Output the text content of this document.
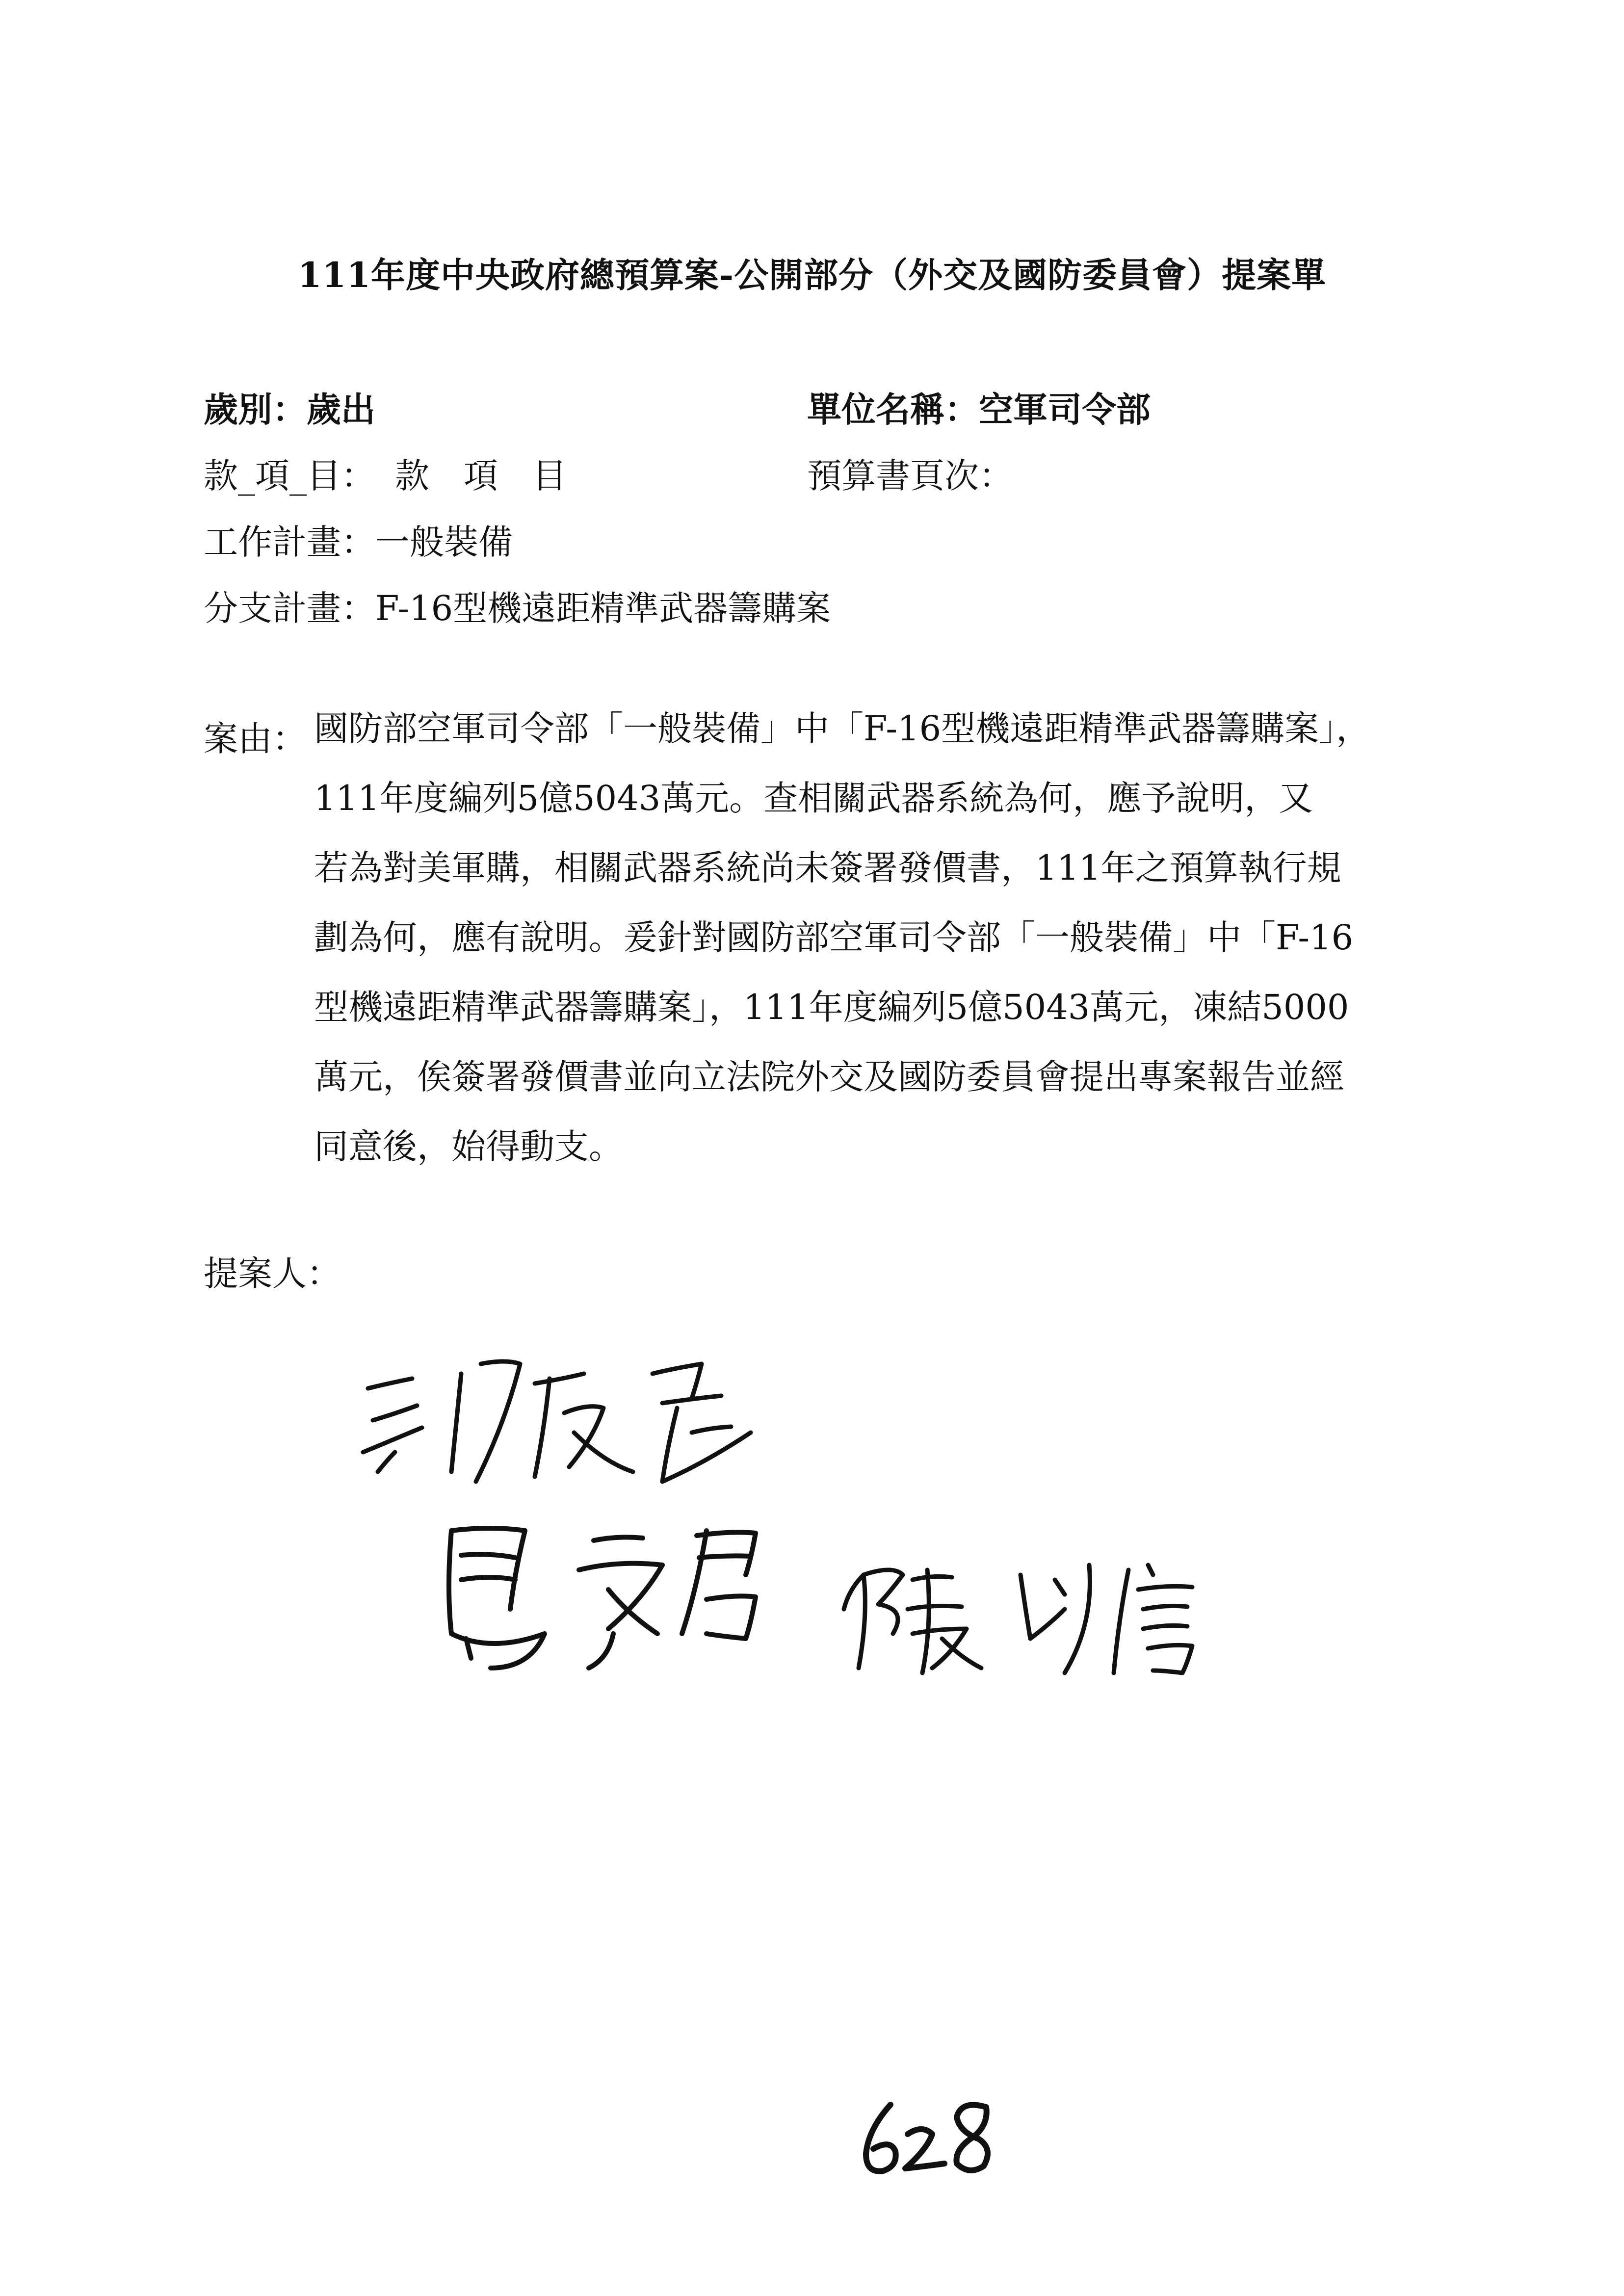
111年度中央政府總預算案-公開部分（外交及國防委員會）提案單
歲別：歲出	單位名稱：空軍司令部
款_項_目： 款 項 目	預算書頁次：
工作計畫：一般裝備
分支計畫：F-16型機遠距精準武器籌購案
案由： 國防部空軍司令部「一般裝備」中「F-16型機遠距精準武器籌購案」，
111年度編列5億5043萬元。查相關武器系統為何，應予說明，又
若為對美軍購，相關武器系統尚未簽署發價書，111年之預算執行規
劃為何，應有說明。爰針對國防部空軍司令部「一般裝備」中「F-16
型機遠距精準武器籌購案」，111年度編列5億5043萬元，凍結5000
萬元，俟簽署發價書並向立法院外交及國防委員會提出專案報告並經
同意後，始得動支。
提案人：
